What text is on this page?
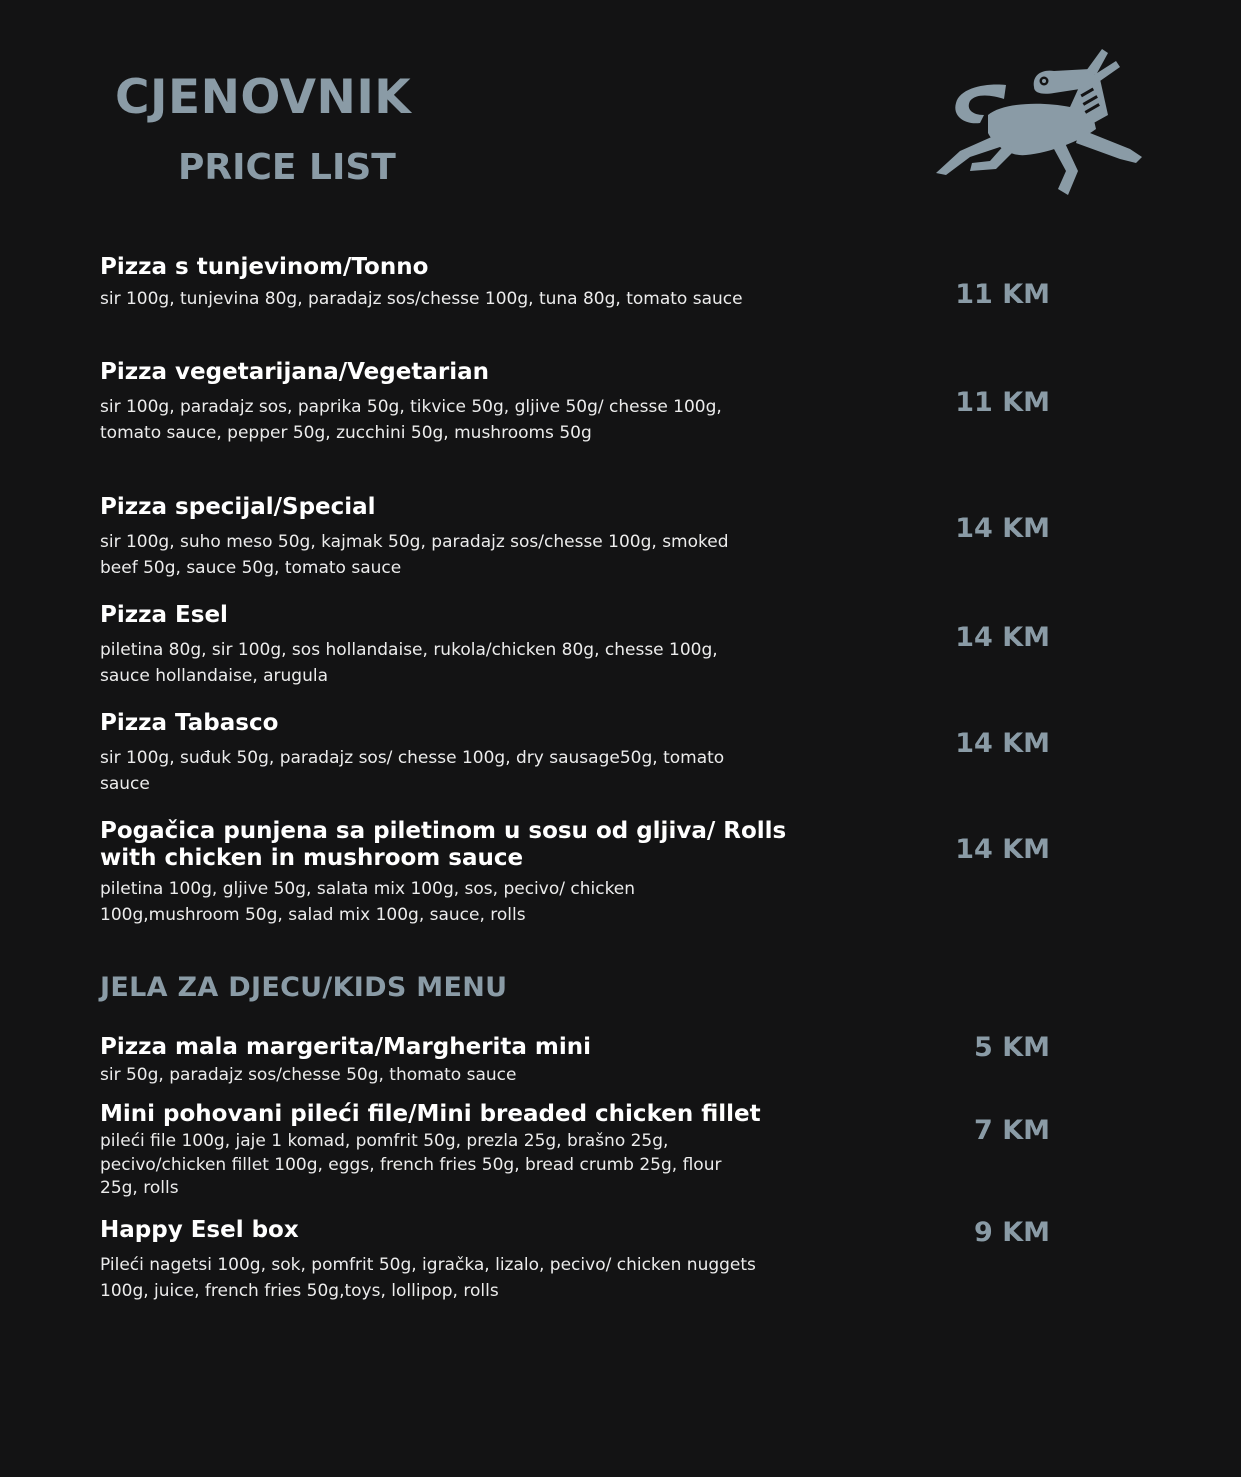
CJENOVNIK
PRICE LIST
Pizza s tunjevinom/Tonno
sir 100g, tunjevina 80g, paradajz sos/chesse 100g, tuna 80g, tomato sauce	11 KM
Pizza vegetarijana/Vegetarian
sir 100g, paradajz sos, paprika 50g, tikvice 50g, gljive 50g/ chesse 100g, tomato sauce, pepper 50g, zucchini 50g, mushrooms 50g
11 KM
Pizza specijal/Special
sir 100g, suho meso 50g, kajmak 50g, paradajz sos/chesse 100g, smoked beef 50g, sauce 50g, tomato sauce
14 KM
Pizza Esel
piletina 80g, sir 100g, sos hollandaise, rukola/chicken 80g, chesse 100g, sauce hollandaise, arugula
14 KM
Pizza Tabasco
sir 100g, suđuk 50g, paradajz sos/ chesse 100g, dry sausage50g, tomato sauce
14 KM
Pogačica punjena sa piletinom u sosu od gljiva/ Rolls with chicken in mushroom sauce
piletina 100g, gljive 50g, salata mix 100g, sos, pecivo/ chicken 100g,mushroom 50g, salad mix 100g, sauce, rolls
14 KM
JELA ZA DJECU/KIDS MENU
Pizza mala margerita/Margherita mini
sir 50g, paradajz sos/chesse 50g, thomato sauce
5 KM
Mini pohovani pileći file/Mini breaded chicken fillet
pileći file 100g, jaje 1 komad, pomfrit 50g, prezla 25g, brašno 25g, pecivo/chicken fillet 100g, eggs, french fries 50g, bread crumb 25g, flour 25g, rolls
7 KM
Happy Esel box
Pileći nagetsi 100g, sok, pomfrit 50g, igračka, lizalo, pecivo/ chicken nuggets 100g, juice, french fries 50g,toys, lollipop, rolls
9 KM
